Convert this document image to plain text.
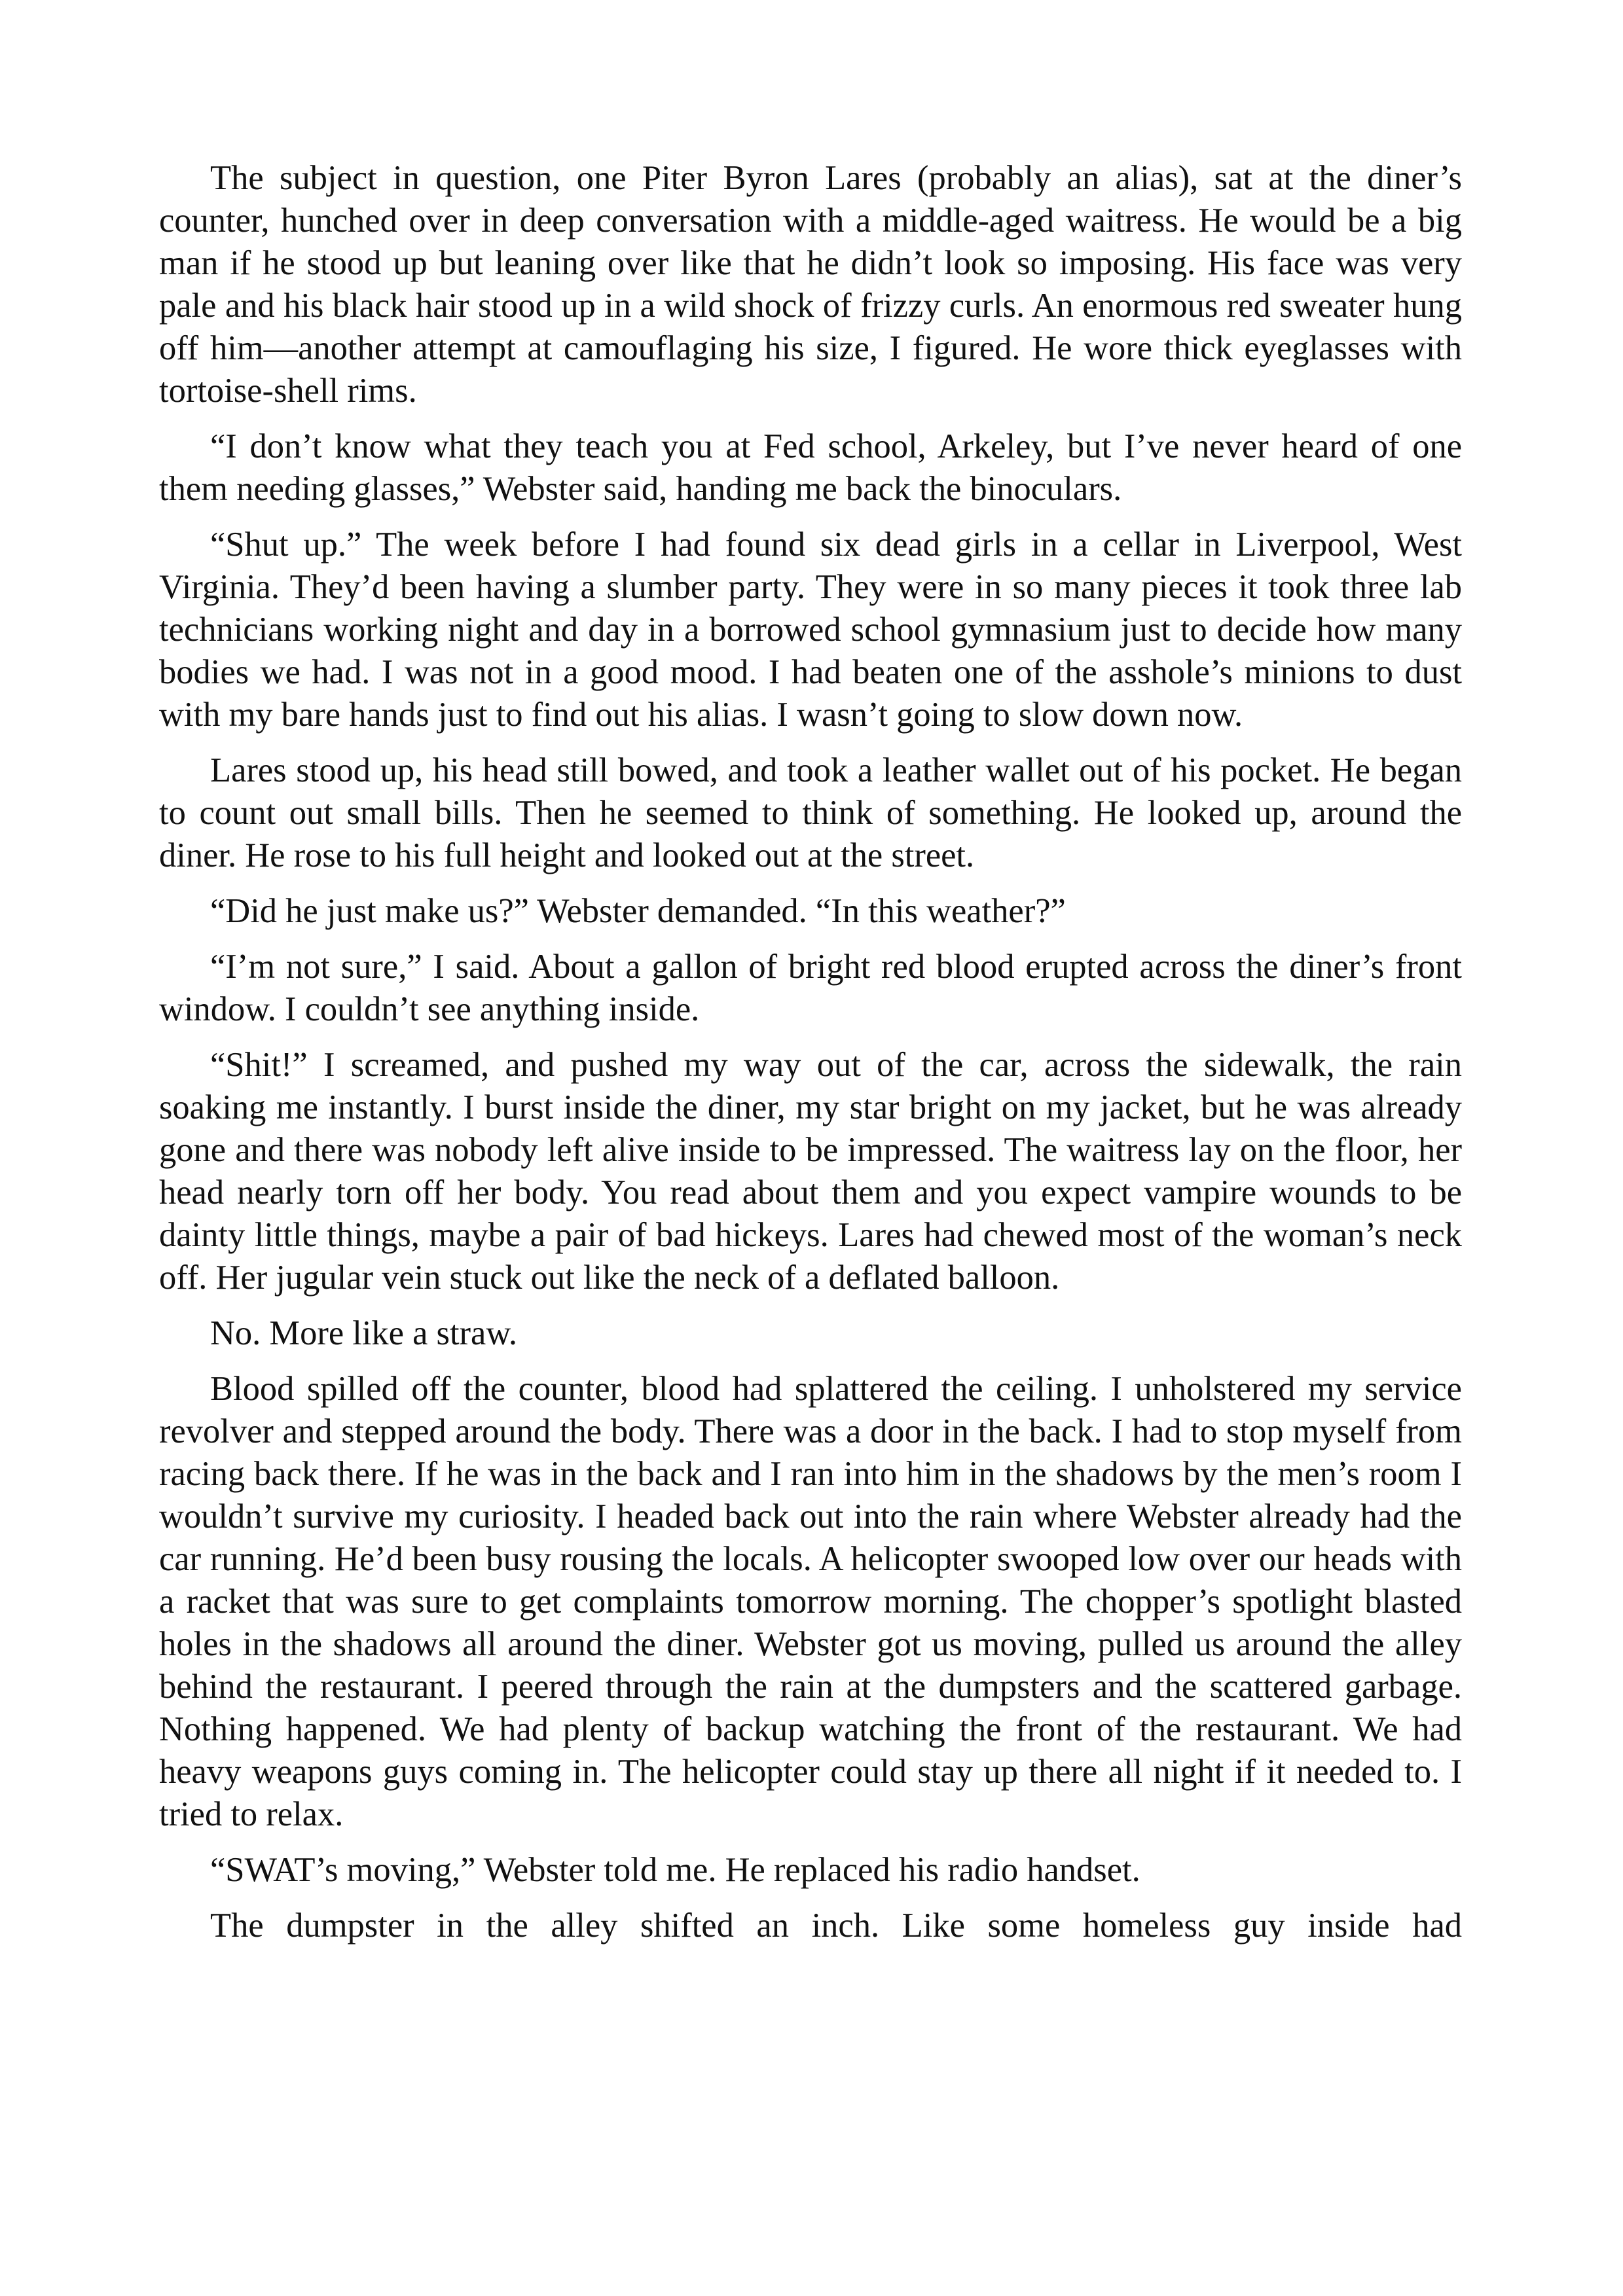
The subject in question, one Piter Byron Lares (probably an alias), sat at the diner’s counter, hunched over in deep conversation with a middle-aged waitress. He would be a big man if he stood up but leaning over like that he didn’t look so imposing. His face was very pale and his black hair stood up in a wild shock of frizzy curls. An enormous red sweater hung off him—another attempt at camouflaging his size, I figured. He wore thick eyeglasses with tortoise-shell rims.

“I don’t know what they teach you at Fed school, Arkeley, but I’ve never heard of one them needing glasses,” Webster said, handing me back the binoculars.

“Shut up.” The week before I had found six dead girls in a cellar in Liverpool, West Virginia. They’d been having a slumber party. They were in so many pieces it took three lab technicians working night and day in a borrowed school gymnasium just to decide how many bodies we had. I was not in a good mood. I had beaten one of the asshole’s minions to dust with my bare hands just to find out his alias. I wasn’t going to slow down now.

Lares stood up, his head still bowed, and took a leather wallet out of his pocket. He began to count out small bills. Then he seemed to think of something. He looked up, around the diner. He rose to his full height and looked out at the street.

“Did he just make us?” Webster demanded. “In this weather?”

“I’m not sure,” I said. About a gallon of bright red blood erupted across the diner’s front window. I couldn’t see anything inside.

“Shit!” I screamed, and pushed my way out of the car, across the sidewalk, the rain soaking me instantly. I burst inside the diner, my star bright on my jacket, but he was already gone and there was nobody left alive inside to be impressed. The waitress lay on the floor, her head nearly torn off her body. You read about them and you expect vampire wounds to be dainty little things, maybe a pair of bad hickeys. Lares had chewed most of the woman’s neck off. Her jugular vein stuck out like the neck of a deflated balloon.

No. More like a straw.

Blood spilled off the counter, blood had splattered the ceiling. I unholstered my service revolver and stepped around the body. There was a door in the back. I had to stop myself from racing back there. If he was in the back and I ran into him in the shadows by the men’s room I wouldn’t survive my curiosity. I headed back out into the rain where Webster already had the car running. He’d been busy rousing the locals. A helicopter swooped low over our heads with a racket that was sure to get complaints tomorrow morning. The chopper’s spotlight blasted holes in the shadows all around the diner. Webster got us moving, pulled us around the alley behind the restaurant. I peered through the rain at the dumpsters and the scattered garbage. Nothing happened. We had plenty of backup watching the front of the restaurant. We had heavy weapons guys coming in. The helicopter could stay up there all night if it needed to. I tried to relax.

“SWAT’s moving,” Webster told me. He replaced his radio handset.

The dumpster in the alley shifted an inch. Like some homeless guy inside had
